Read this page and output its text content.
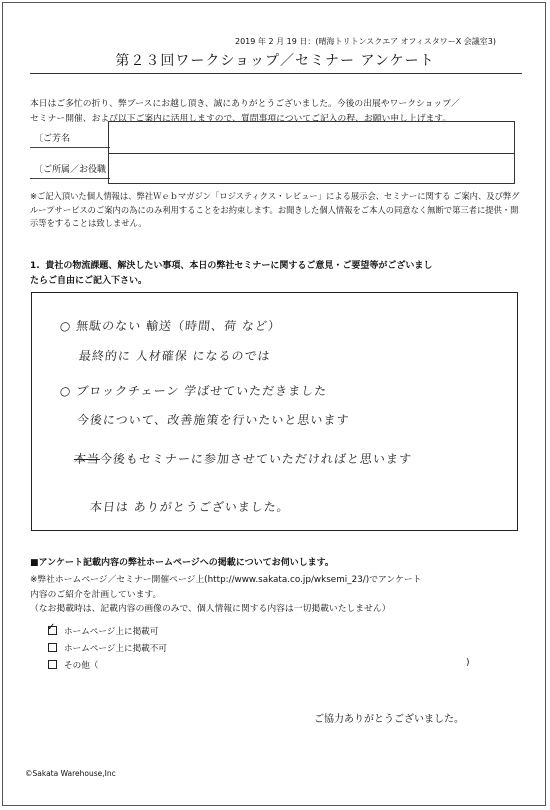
2019 年 2 月 19 日：(晴海トリトンスクエア オフィスタワーX 会議室3)
第２３回ワークショップ／セミナー アンケート
本日はご多忙の折り、弊ブースにお越し頂き、誠にありがとうございました。今後の出展やワークショップ／
セミナー開催、および以下ご案内に活用しますので、質問事項についてご記入の程、お願い申し上げます。
〔ご芳名
〔ご所属／お役職
※ご記入頂いた個人情報は、弊社Ｗｅｂマガジン「ロジスティクス・レビュー」による展示会、セミナーに関する ご案内、及び弊グループサービスのご案内の為にのみ利用することをお約束します。お聞きした個人情報をご本人の同意なく無断で第三者に提供・開示等をすることは致しません。
1. 貴社の物流課題、解決したい事項、本日の弊社セミナーに関するご意見・ご要望等がございまし
たらご自由にご記入下さい。
○ 無駄のない 輸送（時間、荷 など）
最終的に 人材確保 になるのでは
○ ブロックチェーン 学ばせていただきました
今後について、改善施策を行いたいと思います
本当今後もセミナーに参加させていただければと思います
本日は ありがとうございました。
■アンケート記載内容の弊社ホームページへの掲載についてお伺いします。
※弊社ホームページ／セミナー開催ページ上(http://www.sakata.co.jp/wksemi_23/)でアンケート
内容のご紹介を計画しています。
（なお掲載時は、記載内容の画像のみで、個人情報に関する内容は一切掲載いたしません）
✓ ホームページ上に掲載可
ホームページ上に掲載不可
その他（	)
ご協力ありがとうございました。
©Sakata Warehouse,Inc
